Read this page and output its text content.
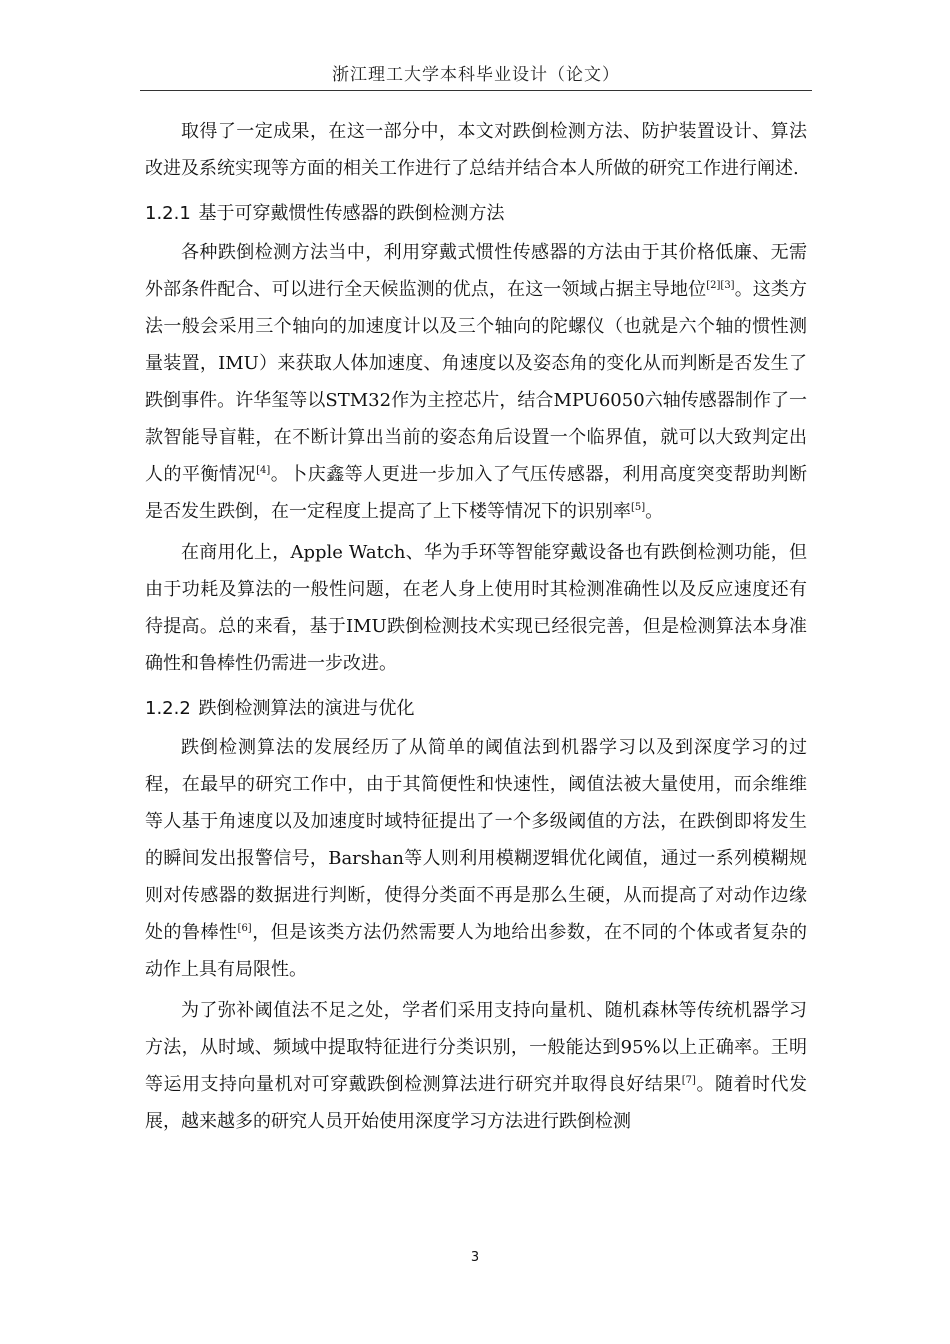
浙江理工大学本科毕业设计（论文）

取得了一定成果，在这一部分中，本文对跌倒检测方法、防护装置设计、算法改进及系统实现等方面的相关工作进行了总结并结合本人所做的研究工作进行阐述.

1.2.1 基于可穿戴惯性传感器的跌倒检测方法

各种跌倒检测方法当中，利用穿戴式惯性传感器的方法由于其价格低廉、无需外部条件配合、可以进行全天候监测的优点，在这一领域占据主导地位[2][3]。这类方法一般会采用三个轴向的加速度计以及三个轴向的陀螺仪（也就是六个轴的惯性测量装置，IMU）来获取人体加速度、角速度以及姿态角的变化从而判断是否发生了跌倒事件。许华玺等以STM32作为主控芯片，结合MPU6050六轴传感器制作了一款智能导盲鞋，在不断计算出当前的姿态角后设置一个临界值，就可以大致判定出人的平衡情况[4]。卜庆鑫等人更进一步加入了气压传感器，利用高度突变帮助判断是否发生跌倒，在一定程度上提高了上下楼等情况下的识别率[5]。

在商用化上，Apple Watch、华为手环等智能穿戴设备也有跌倒检测功能，但由于功耗及算法的一般性问题，在老人身上使用时其检测准确性以及反应速度还有待提高。总的来看，基于IMU跌倒检测技术实现已经很完善，但是检测算法本身准确性和鲁棒性仍需进一步改进。

1.2.2 跌倒检测算法的演进与优化

跌倒检测算法的发展经历了从简单的阈值法到机器学习以及到深度学习的过程，在最早的研究工作中，由于其简便性和快速性，阈值法被大量使用，而余维维等人基于角速度以及加速度时域特征提出了一个多级阈值的方法，在跌倒即将发生的瞬间发出报警信号，Barshan等人则利用模糊逻辑优化阈值，通过一系列模糊规则对传感器的数据进行判断，使得分类面不再是那么生硬，从而提高了对动作边缘处的鲁棒性[6]，但是该类方法仍然需要人为地给出参数，在不同的个体或者复杂的动作上具有局限性。

为了弥补阈值法不足之处，学者们采用支持向量机、随机森林等传统机器学习方法，从时域、频域中提取特征进行分类识别，一般能达到95%以上正确率。王明等运用支持向量机对可穿戴跌倒检测算法进行研究并取得良好结果[7]。随着时代发展，越来越多的研究人员开始使用深度学习方法进行跌倒检测

3
